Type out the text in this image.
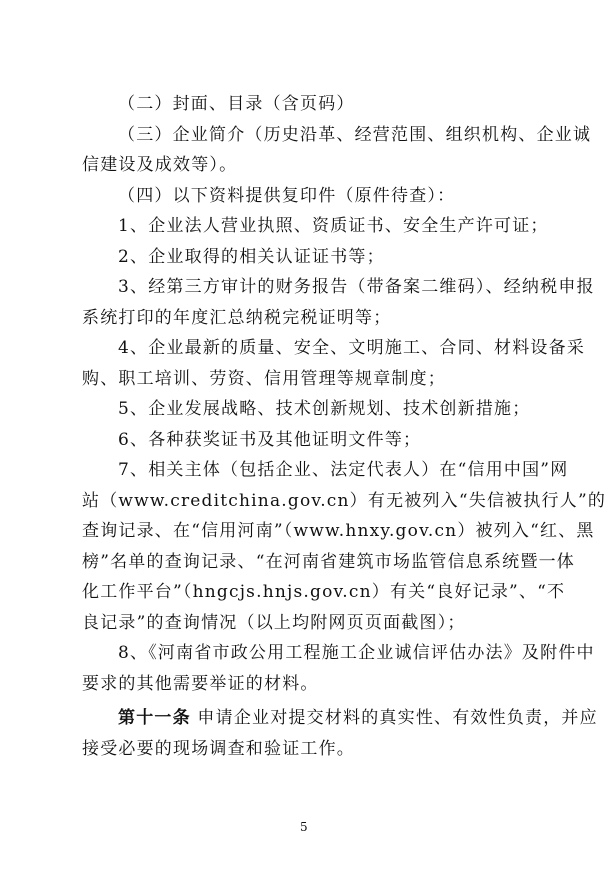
（二）封面、目录（含页码）
（三）企业简介（历史沿革、经营范围、组织机构、企业诚
信建设及成效等）。
（四）以下资料提供复印件（原件待查）：
1、企业法人营业执照、资质证书、安全生产许可证；
2、企业取得的相关认证证书等；
3、经第三方审计的财务报告（带备案二维码）、经纳税申报
系统打印的年度汇总纳税完税证明等；
4、企业最新的质量、安全、文明施工、合同、材料设备采
购、职工培训、劳资、信用管理等规章制度；
5、企业发展战略、技术创新规划、技术创新措施；
6、各种获奖证书及其他证明文件等；
7、相关主体（包括企业、法定代表人）在“信用中国”网
站（www.creditchina.gov.cn）有无被列入“失信被执行人”的
查询记录、在“信用河南”（www.hnxy.gov.cn）被列入“红、黑
榜”名单的查询记录、“在河南省建筑市场监管信息系统暨一体
化工作平台”（hngcjs.hnjs.gov.cn）有关“良好记录”、“不
良记录”的查询情况（以上均附网页页面截图）；
8、《河南省市政公用工程施工企业诚信评估办法》及附件中
要求的其他需要举证的材料。
第十一条 申请企业对提交材料的真实性、有效性负责，并应
接受必要的现场调查和验证工作。
5
